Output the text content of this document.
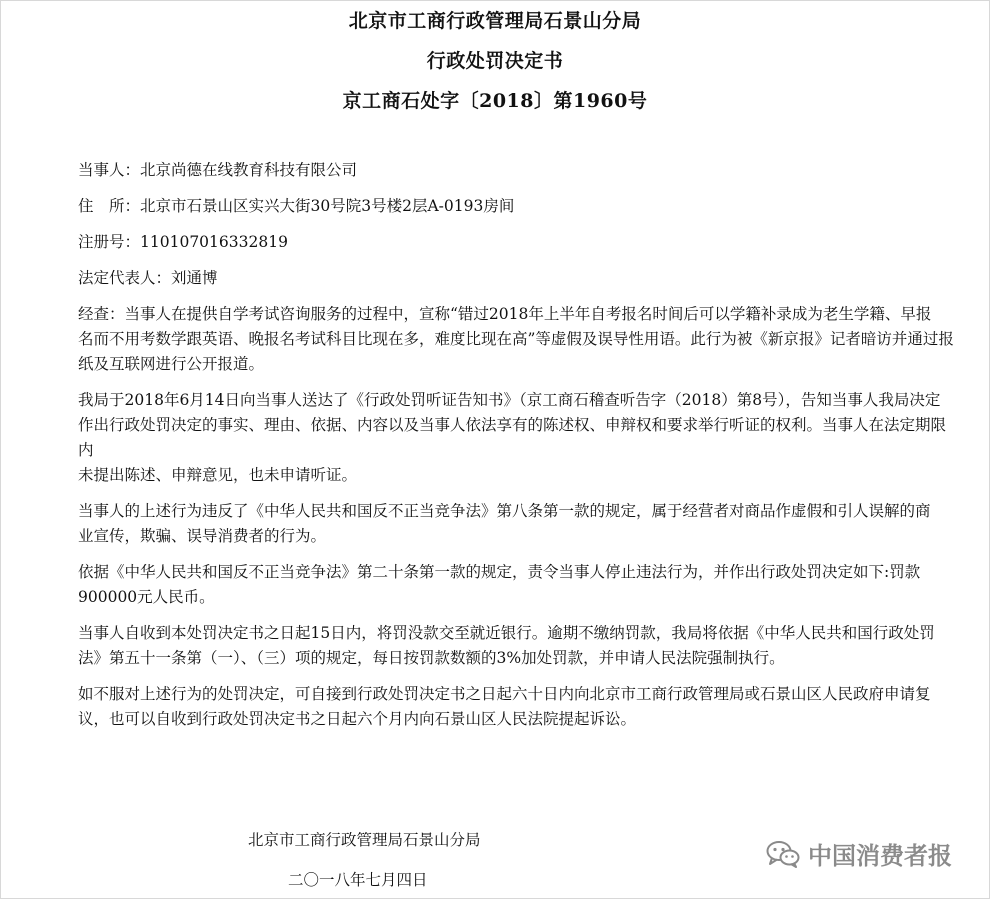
北京市工商行政管理局石景山分局
行政处罚决定书
京工商石处字〔2018〕第1960号
当事人：北京尚德在线教育科技有限公司
住　所：北京市石景山区实兴大街30号院3号楼2层A-0193房间
注册号：110107016332819
法定代表人：刘通博

经查：当事人在提供自学考试咨询服务的过程中，宣称“错过2018年上半年自考报名时间后可以学籍补录成为老生学籍、早报

名而不用考数学跟英语、晚报名考试科目比现在多，难度比现在高”等虚假及误导性用语。此行为被《新京报》记者暗访并通过报

纸及互联网进行公开报道。

我局于2018年6月14日向当事人送达了《行政处罚听证告知书》（京工商石稽查听告字（2018）第8号），告知当事人我局决定

作出行政处罚决定的事实、理由、依据、内容以及当事人依法享有的陈述权、申辩权和要求举行听证的权利。当事人在法定期限内

未提出陈述、申辩意见，也未申请听证。

当事人的上述行为违反了《中华人民共和国反不正当竞争法》第八条第一款的规定，属于经营者对商品作虚假和引人误解的商

业宣传，欺骗、误导消费者的行为。

依据《中华人民共和国反不正当竞争法》第二十条第一款的规定，责令当事人停止违法行为，并作出行政处罚决定如下:罚款

900000元人民币。

当事人自收到本处罚决定书之日起15日内，将罚没款交至就近银行。逾期不缴纳罚款，我局将依据《中华人民共和国行政处罚

法》第五十一条第（一）、（三）项的规定，每日按罚款数额的3%加处罚款，并申请人民法院强制执行。

如不服对上述行为的处罚决定，可自接到行政处罚决定书之日起六十日内向北京市工商行政管理局或石景山区人民政府申请复

议，也可以自收到行政处罚决定书之日起六个月内向石景山区人民法院提起诉讼。

北京市工商行政管理局石景山分局
二〇一八年七月四日
中国消费者报
